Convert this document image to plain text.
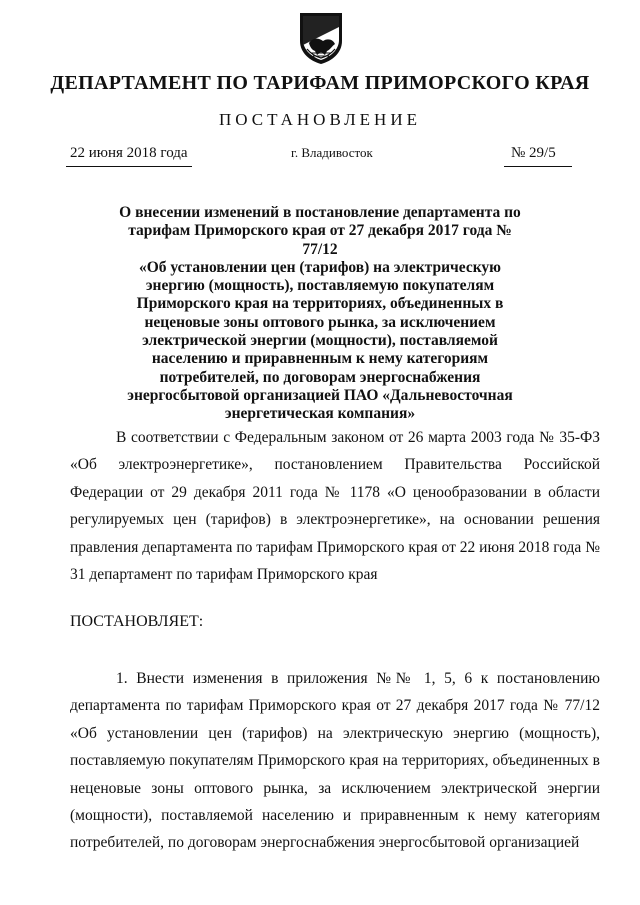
ДЕПАРТАМЕНТ ПО ТАРИФАМ ПРИМОРСКОГО КРАЯ
ПОСТАНОВЛЕНИЕ
22 июня 2018 года	г. Владивосток	№ 29/5
О внесении изменений в постановление департамента по
тарифам Приморского края от 27 декабря 2017 года № 77/12
«Об установлении цен (тарифов) на электрическую
энергию (мощность), поставляемую покупателям
Приморского края на территориях, объединенных в
неценовые зоны оптового рынка, за исключением
электрической энергии (мощности), поставляемой
населению и приравненным к нему категориям
потребителей, по договорам энергоснабжения
энергосбытовой организацией ПАО «Дальневосточная
энергетическая компания»
В соответствии с Федеральным законом от 26 марта 2003 года № 35-ФЗ «Об электроэнергетике», постановлением Правительства Российской Федерации от 29 декабря 2011 года № 1178 «О ценообразовании в области регулируемых цен (тарифов) в электроэнергетике», на основании решения правления департамента по тарифам Приморского края от 22 июня 2018 года № 31 департамент по тарифам Приморского края
ПОСТАНОВЛЯЕТ:
1. Внести изменения в приложения №№ 1, 5, 6 к постановлению департамента по тарифам Приморского края от 27 декабря 2017 года № 77/12 «Об установлении цен (тарифов) на электрическую энергию (мощность), поставляемую покупателям Приморского края на территориях, объединенных в неценовые зоны оптового рынка, за исключением электрической энергии (мощности), поставляемой населению и приравненным к нему категориям потребителей, по договорам энергоснабжения энергосбытовой организацией
